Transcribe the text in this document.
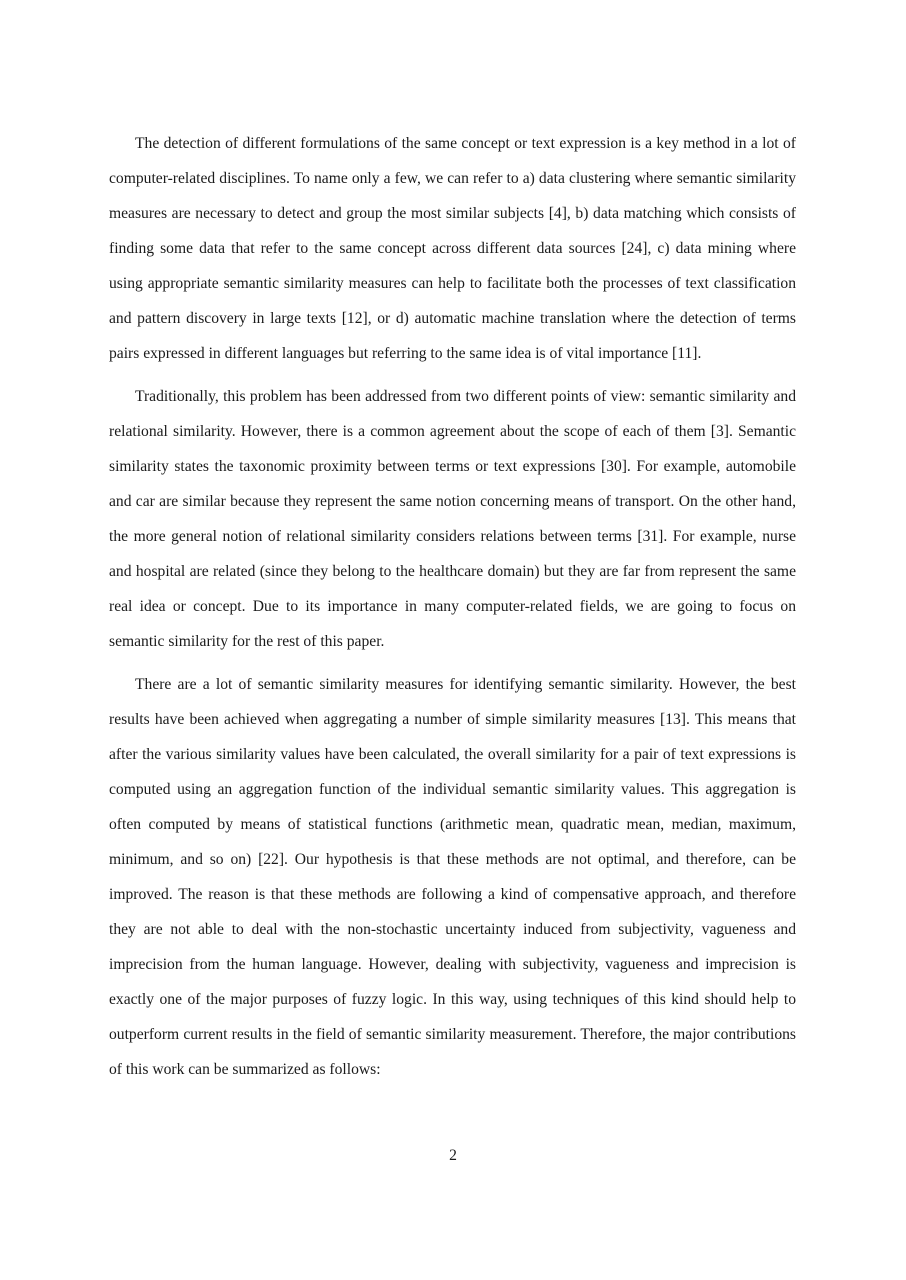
The detection of different formulations of the same concept or text expression is a key method in a lot of computer-related disciplines. To name only a few, we can refer to a) data clustering where semantic similarity measures are necessary to detect and group the most similar subjects [4], b) data matching which consists of finding some data that refer to the same concept across different data sources [24], c) data mining where using appropriate semantic similarity measures can help to facilitate both the processes of text classification and pattern discovery in large texts [12], or d) automatic machine translation where the detection of terms pairs expressed in different languages but referring to the same idea is of vital importance [11].

Traditionally, this problem has been addressed from two different points of view: semantic similarity and relational similarity. However, there is a common agreement about the scope of each of them [3]. Semantic similarity states the taxonomic proximity between terms or text expressions [30]. For example, automobile and car are similar because they represent the same notion concerning means of transport. On the other hand, the more general notion of relational similarity considers relations between terms [31]. For example, nurse and hospital are related (since they belong to the healthcare domain) but they are far from represent the same real idea or concept. Due to its importance in many computer-related fields, we are going to focus on semantic similarity for the rest of this paper.

There are a lot of semantic similarity measures for identifying semantic similarity. However, the best results have been achieved when aggregating a number of simple similarity measures [13]. This means that after the various similarity values have been calculated, the overall similarity for a pair of text expressions is computed using an aggregation function of the individual semantic similarity values. This aggregation is often computed by means of statistical functions (arithmetic mean, quadratic mean, median, maximum, minimum, and so on) [22]. Our hypothesis is that these methods are not optimal, and therefore, can be improved. The reason is that these methods are following a kind of compensative approach, and therefore they are not able to deal with the non-stochastic uncertainty induced from subjectivity, vagueness and imprecision from the human language. However, dealing with subjectivity, vagueness and imprecision is exactly one of the major purposes of fuzzy logic. In this way, using techniques of this kind should help to outperform current results in the field of semantic similarity measurement. Therefore, the major contributions of this work can be summarized as follows:

2
